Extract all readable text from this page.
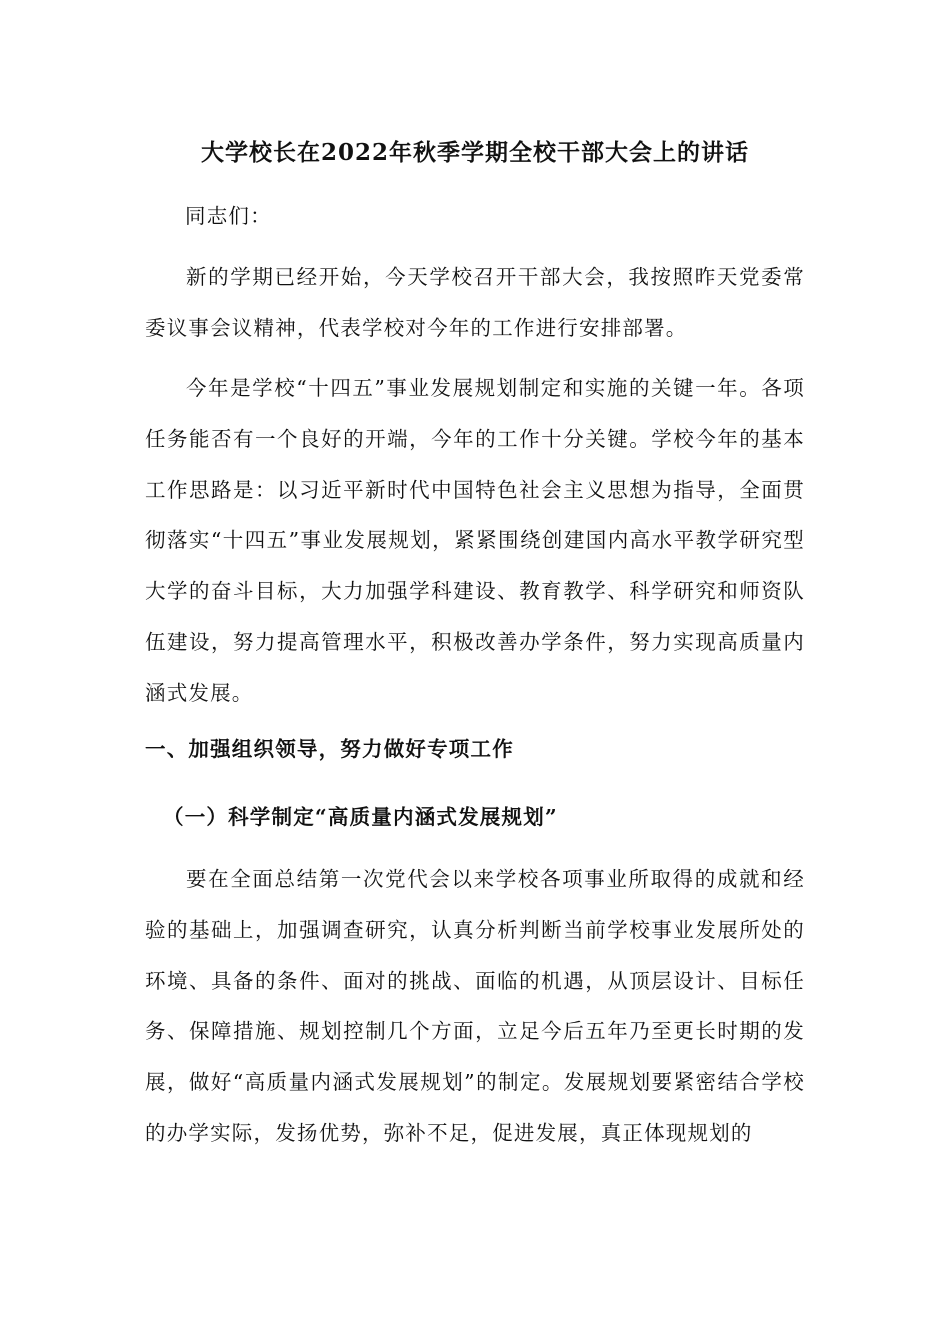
大学校长在2022年秋季学期全校干部大会上的讲话
同志们：
新的学期已经开始，今天学校召开干部大会，我按照昨天党委常委议事会议精神，代表学校对今年的工作进行安排部署。
今年是学校“十四五”事业发展规划制定和实施的关键一年。各项任务能否有一个良好的开端，今年的工作十分关键。学校今年的基本工作思路是：以习近平新时代中国特色社会主义思想为指导，全面贯彻落实“十四五”事业发展规划，紧紧围绕创建国内高水平教学研究型大学的奋斗目标，大力加强学科建设、教育教学、科学研究和师资队伍建设，努力提高管理水平，积极改善办学条件，努力实现高质量内涵式发展。
一、加强组织领导，努力做好专项工作
（一）科学制定“高质量内涵式发展规划”
要在全面总结第一次党代会以来学校各项事业所取得的成就和经验的基础上，加强调查研究，认真分析判断当前学校事业发展所处的环境、具备的条件、面对的挑战、面临的机遇，从顶层设计、目标任务、保障措施、规划控制几个方面，立足今后五年乃至更长时期的发展，做好“高质量内涵式发展规划”的制定。发展规划要紧密结合学校的办学实际，发扬优势，弥补不足，促进发展，真正体现规划的
